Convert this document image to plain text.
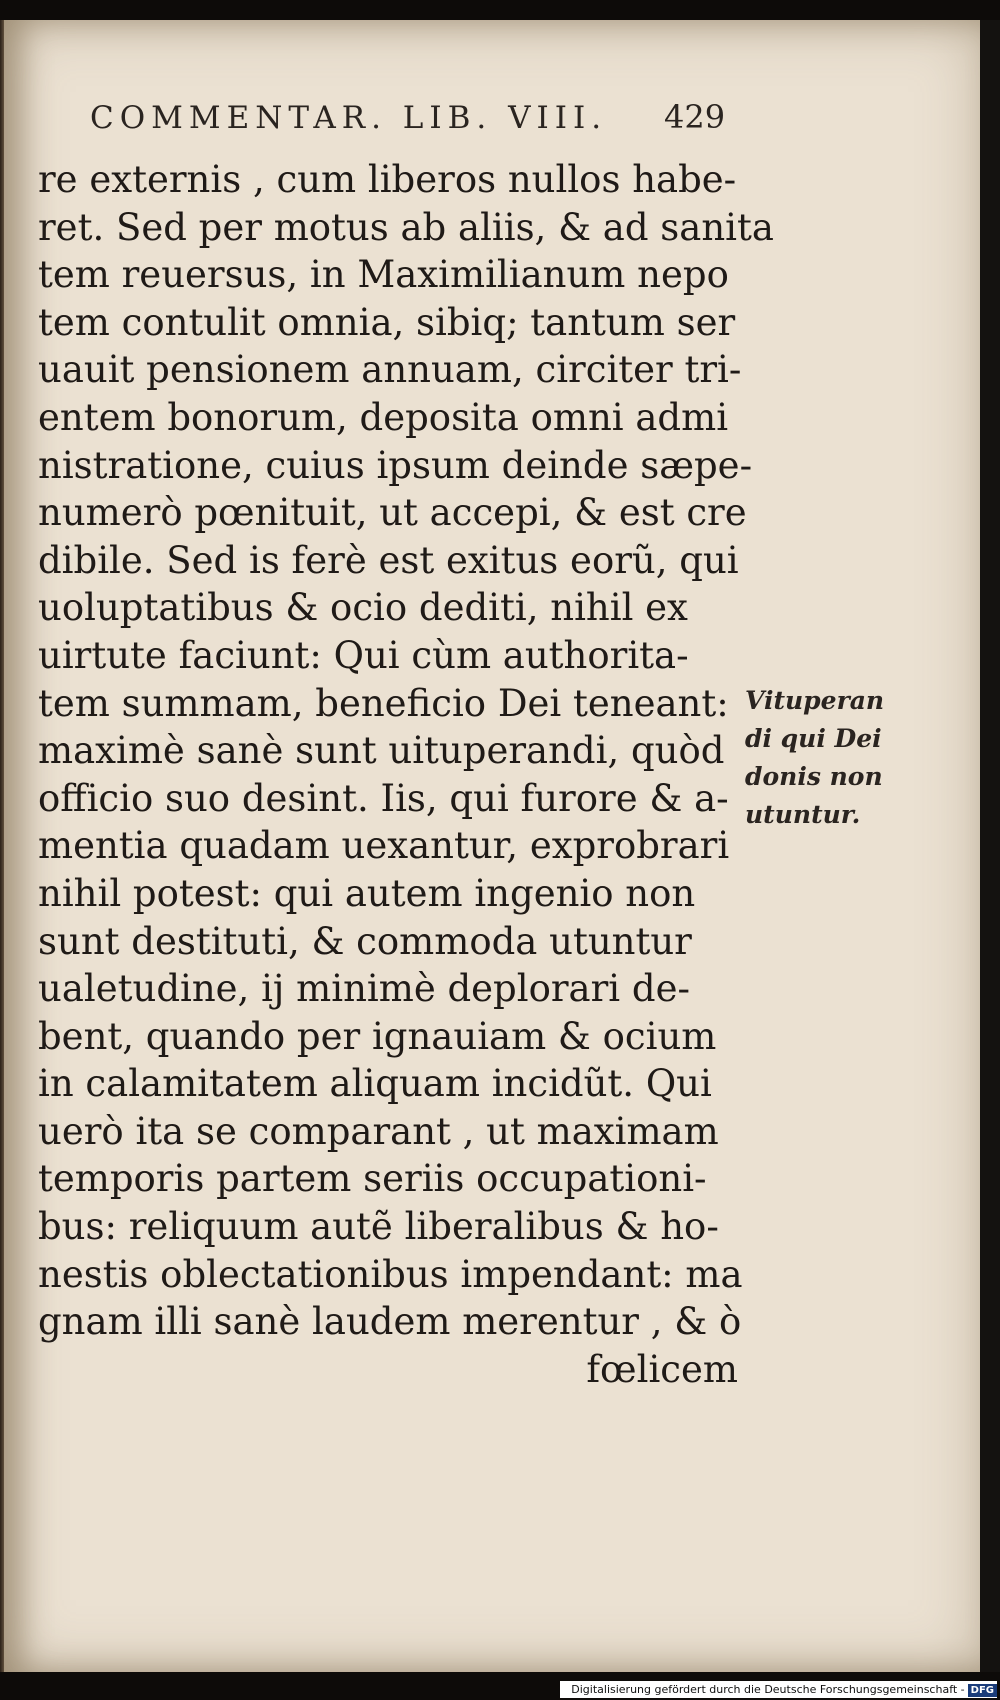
COMMENTAR. LIB. VIII.	429
re externis , cum liberos nullos habe-
ret. Sed per motus ab aliis, & ad sanita
tem reuersus, in Maximilianum nepo
tem contulit omnia, sibiq; tantum ser
uauit pensionem annuam, circiter tri-
entem bonorum, deposita omni admi
nistratione, cuius ipsum deinde sæpe-
numerò pœnituit, ut accepi, & est cre
dibile. Sed is ferè est exitus eorũ, qui
uoluptatibus & ocio dediti, nihil ex
uirtute faciunt: Qui cùm authorita-
tem summam, beneficio Dei teneant:
maximè sanè sunt uituperandi, quòd
officio suo desint. Iis, qui furore & a-
mentia quadam uexantur, exprobrari
nihil potest: qui autem ingenio non
sunt destituti, & commoda utuntur
ualetudine, ij minimè deplorari de-
bent, quando per ignauiam & ocium
in calamitatem aliquam incidũt. Qui
uerò ita se comparant , ut maximam
temporis partem seriis occupationi-
bus: reliquum autẽ liberalibus & ho-
nestis oblectationibus impendant: ma
gnam illi sanè laudem merentur , & ò
fœlicem
Vituperan
di qui Dei
donis non
utuntur.
Digitalisierung gefördert durch die Deutsche Forschungsgemeinschaft - DFG
